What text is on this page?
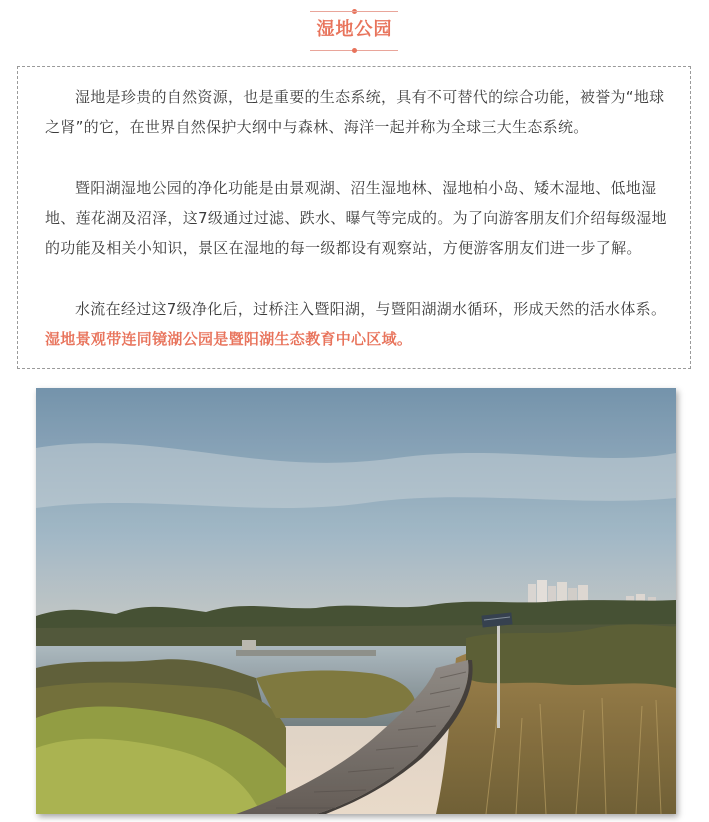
湿地公园

湿地是珍贵的自然资源，也是重要的生态系统，具有不可替代的综合功能，被誉为“地球之肾”的它，在世界自然保护大纲中与森林、海洋一起并称为全球三大生态系统。

暨阳湖湿地公园的净化功能是由景观湖、沼生湿地林、湿地柏小岛、矮木湿地、低地湿地、莲花湖及沼泽，这7级通过过滤、跌水、曝气等完成的。为了向游客朋友们介绍每级湿地的功能及相关小知识，景区在湿地的每一级都设有观察站，方便游客朋友们进一步了解。

水流在经过这7级净化后，过桥注入暨阳湖，与暨阳湖湖水循环，形成天然的活水体系。湿地景观带连同镜湖公园是暨阳湖生态教育中心区域。
